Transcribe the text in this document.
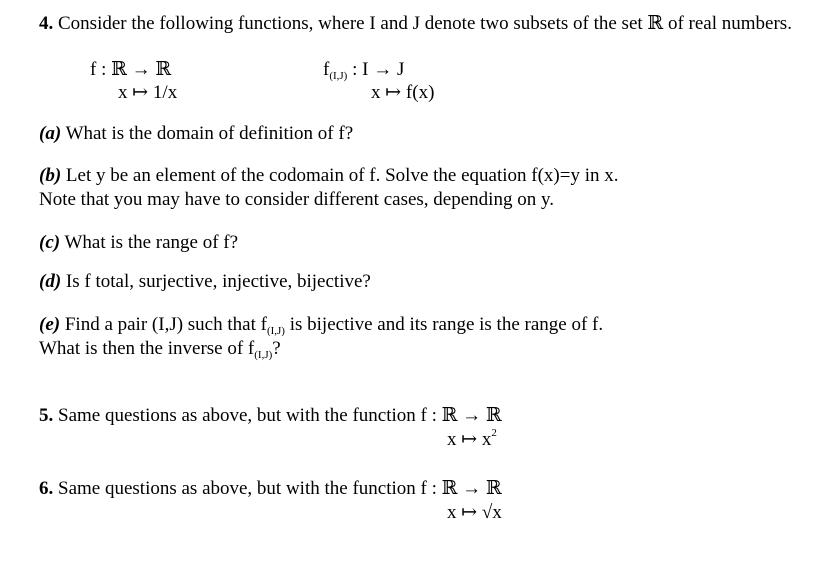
4. Consider the following functions, where I and J denote two subsets of the set ℝ of real numbers.
f : ℝ → ℝ
x ↦ 1/x
$f_{(I,J)}$ : I → J
x ↦ f(x)
(a) What is the domain of definition of f?
(b) Let y be an element of the codomain of f. Solve the equation f(x)=y in x.
Note that you may have to consider different cases, depending on y.
(c) What is the range of f?
(d) Is f total, surjective, injective, bijective?
(e) Find a pair (I,J) such that $f_{(I,J)}$ is bijective and its range is the range of f.
What is then the inverse of $f_{(I,J)}$?
5. Same questions as above, but with the function f : ℝ → ℝ
x ↦ $x^2$
6. Same questions as above, but with the function f : ℝ → ℝ
x ↦ √x
